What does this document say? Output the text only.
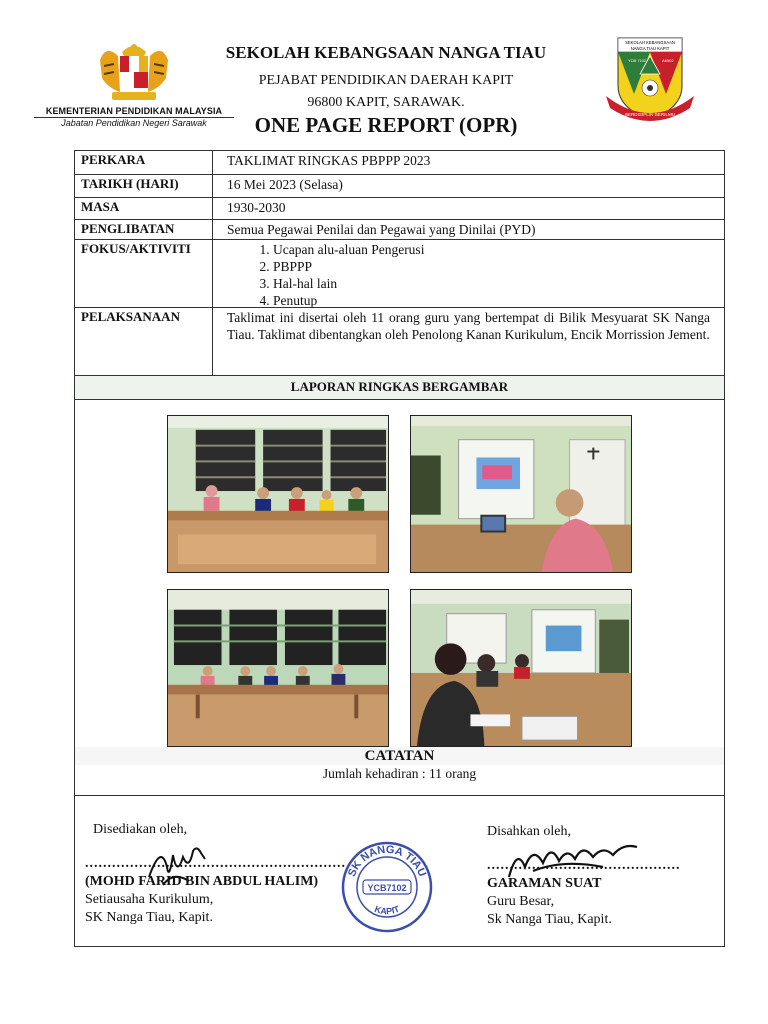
KEMENTERIAN PENDIDIKAN MALAYSIA
Jabatan Pendidikan Negeri Sarawak
SEKOLAH KEBANGSAAN NANGA TIAU
PEJABAT PENDIDIKAN DAERAH KAPIT
96800 KAPIT, SARAWAK.
ONE PAGE REPORT (OPR)
SEKOLAH KEBANGSAAN
NANGA TIAU KAPIT
YCB 7102	A6502
BERDISIPLIN BERILMU
PERKARA	TAKLIMAT RINGKAS PBPPP 2023
TARIKH (HARI)	16 Mei 2023 (Selasa)
MASA	1930-2030
PENGLIBATAN	Semua Pegawai Penilai dan Pegawai yang Dinilai (PYD)
FOKUS/AKTIVITI
1.	Ucapan alu-aluan Pengerusi
2. PBPPP
3. Hal-hal lain
4. Penutup
PELAKSANAAN	Taklimat ini disertai oleh 11 orang guru yang bertempat di Bilik Mesyuarat SK Nanga Tiau. Taklimat dibentangkan oleh Penolong Kanan Kurikulum, Encik Morrission Jement.
LAPORAN RINGKAS BERGAMBAR
CATATAN
Jumlah kehadiran : 11 orang
Disediakan oleh,
..........................................................
(MOHD FARID BIN ABDUL HALIM)
Setiausaha Kurikulum,
SK Nanga Tiau, Kapit.
SK NANGA TIAU
YCB7102
KAPIT
Disahkan oleh,
...........................................
GARAMAN SUAT
Guru Besar,
Sk Nanga Tiau, Kapit.
